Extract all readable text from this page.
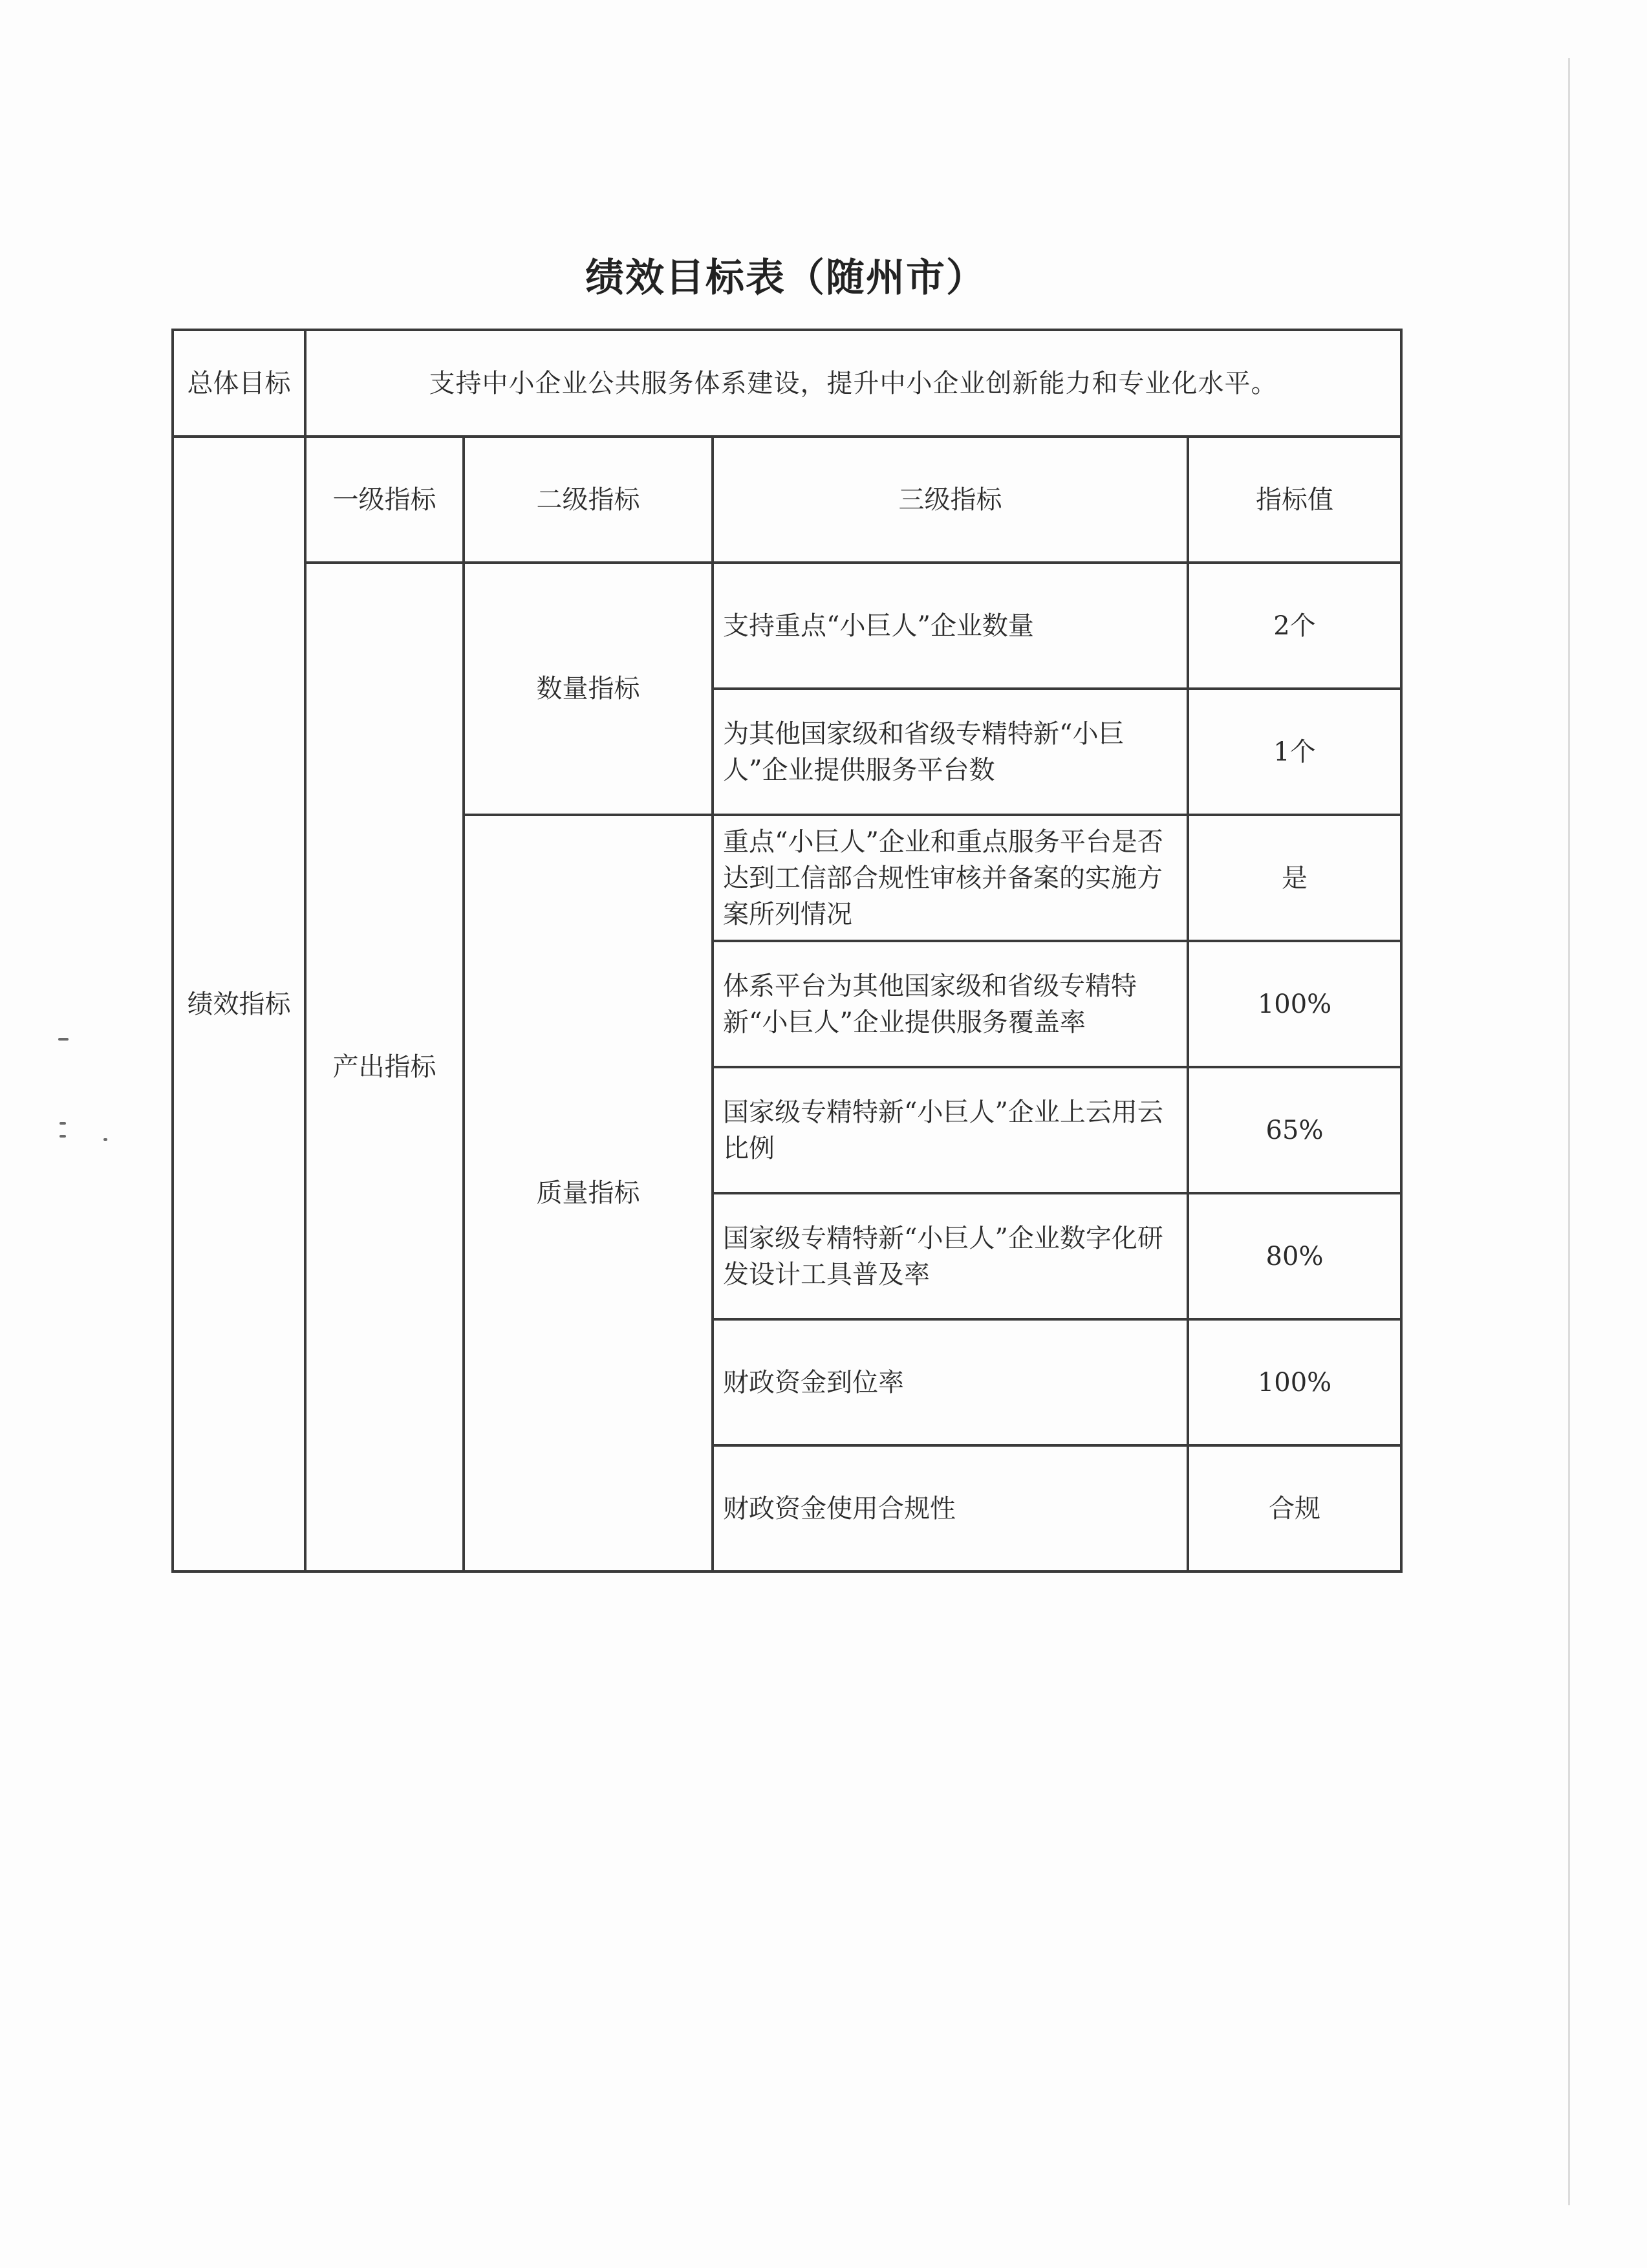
绩效目标表（随州市）
总体目标	支持中小企业公共服务体系建设，提升中小企业创新能力和专业化水平。			
绩效指标	一级指标	二级指标	三级指标	指标值
	产出指标	数量指标	支持重点“小巨人”企业数量	2个
			为其他国家级和省级专精特新“小巨人”企业提供服务平台数	1个
		质量指标	重点“小巨人”企业和重点服务平台是否达到工信部合规性审核并备案的实施方案所列情况	是
			体系平台为其他国家级和省级专精特新“小巨人”企业提供服务覆盖率	100%
			国家级专精特新“小巨人”企业上云用云比例	65%
			国家级专精特新“小巨人”企业数字化研发设计工具普及率	80%
			财政资金到位率	100%
			财政资金使用合规性	合规
